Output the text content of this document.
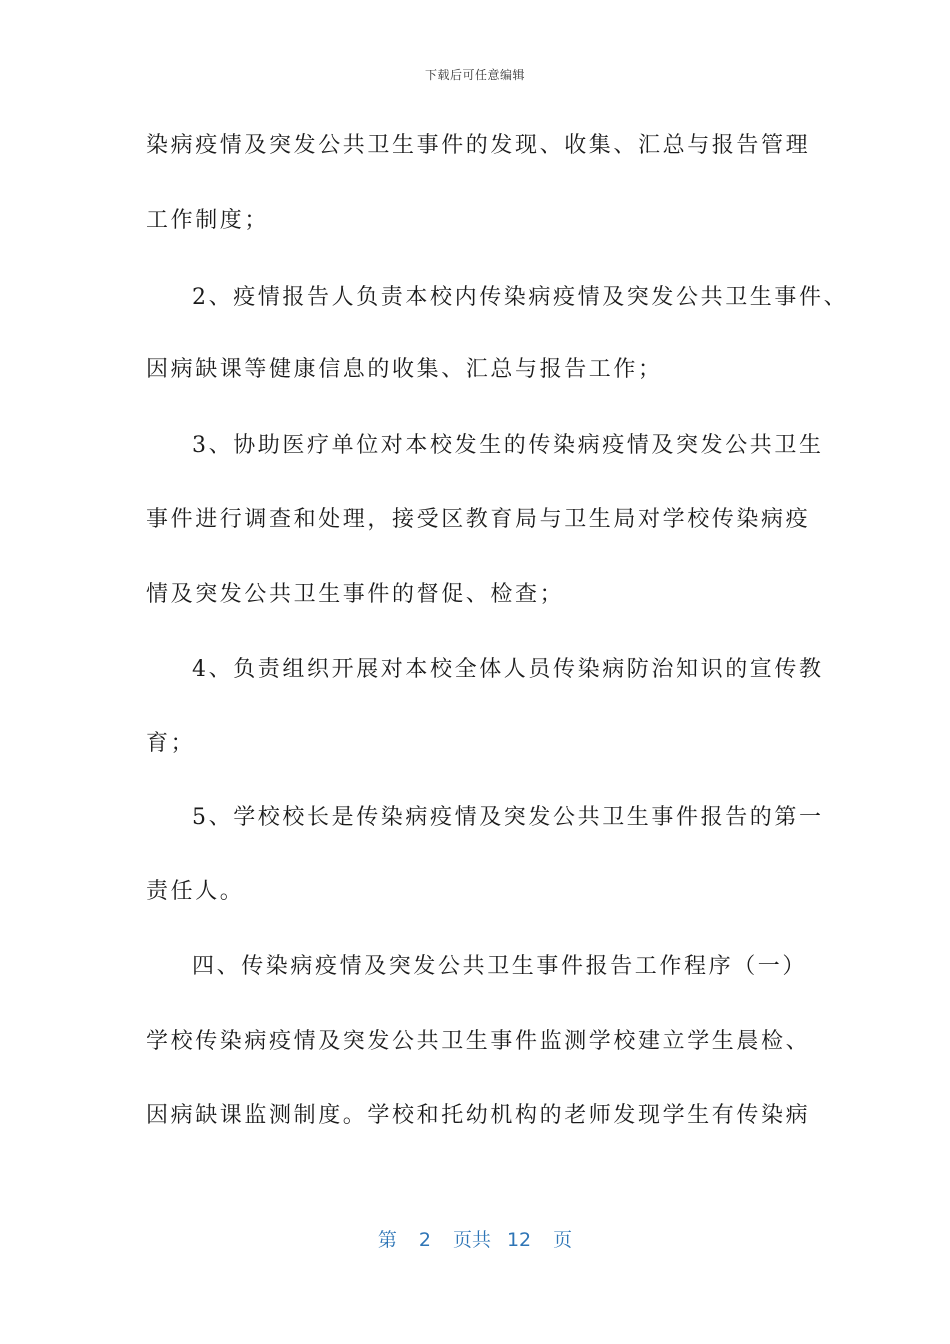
下载后可任意编辑
染病疫情及突发公共卫生事件的发现、收集、汇总与报告管理
工作制度；
2、疫情报告人负责本校内传染病疫情及突发公共卫生事件、
因病缺课等健康信息的收集、汇总与报告工作；
3、协助医疗单位对本校发生的传染病疫情及突发公共卫生
事件进行调查和处理，接受区教育局与卫生局对学校传染病疫
情及突发公共卫生事件的督促、检查；
4、负责组织开展对本校全体人员传染病防治知识的宣传教
育；
5、学校校长是传染病疫情及突发公共卫生事件报告的第一
责任人。
四、传染病疫情及突发公共卫生事件报告工作程序（一）
学校传染病疫情及突发公共卫生事件监测学校建立学生晨检、
因病缺课监测制度。学校和托幼机构的老师发现学生有传染病
第 2 页共 12 页
